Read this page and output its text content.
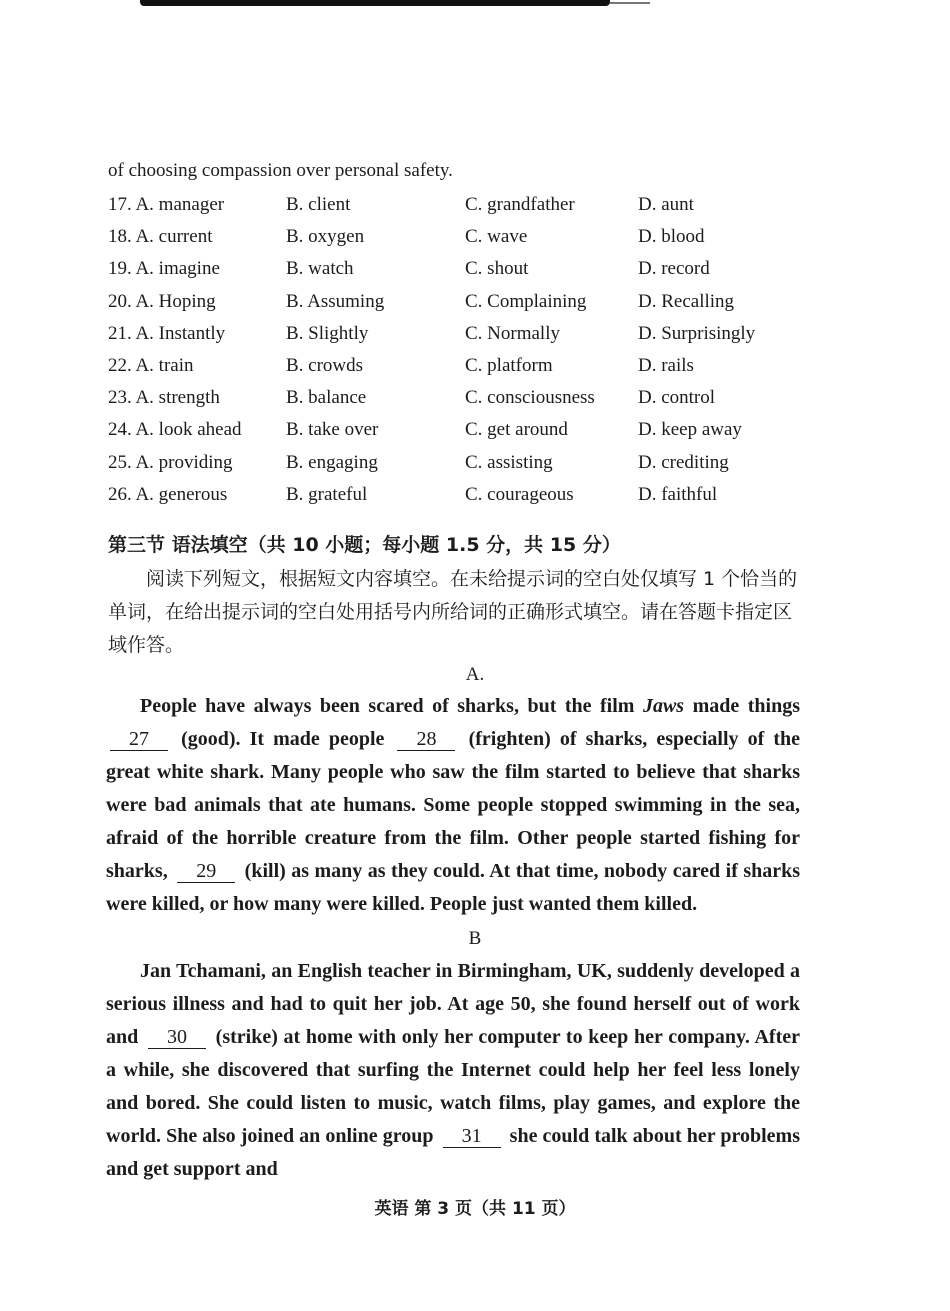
of choosing compassion over personal safety.
17. A. manager	B. client	C. grandfather	D. aunt
18. A. current	B. oxygen	C. wave	D. blood
19. A. imagine	B. watch	C. shout	D. record
20. A. Hoping	B. Assuming	C. Complaining	D. Recalling
21. A. Instantly	B. Slightly	C. Normally	D. Surprisingly
22. A. train	B. crowds	C. platform	D. rails
23. A. strength	B. balance	C. consciousness D. control
24. A. look ahead B. take over	C. get around	D. keep away
25. A. providing	B. engaging	C. assisting	D. crediting
26. A. generous	B. grateful	C. courageous	D. faithful
第三节 语法填空（共 10 小题；每小题 1.5 分，共 15 分）
阅读下列短文，根据短文内容填空。在未给提示词的空白处仅填写 1 个恰当的单词，在给出提示词的空白处用括号内所给词的正确形式填空。请在答题卡指定区域作答。
A.
People have always been scared of sharks, but the film Jaws made things 27 (good). It made people 28 (frighten) of sharks, especially of the great white shark. Many people who saw the film started to believe that sharks were bad animals that ate humans. Some people stopped swimming in the sea, afraid of the horrible creature from the film. Other people started fishing for sharks, 29 (kill) as many as they could. At that time, nobody cared if sharks were killed, or how many were killed. People just wanted them killed.
B
Jan Tchamani, an English teacher in Birmingham, UK, suddenly developed a serious illness and had to quit her job. At age 50, she found herself out of work and 30 (strike) at home with only her computer to keep her company. After a while, she discovered that surfing the Internet could help her feel less lonely and bored. She could listen to music, watch films, play games, and explore the world. She also joined an online group 31 she could talk about her problems and get support and
英语 第 3 页（共 11 页）
